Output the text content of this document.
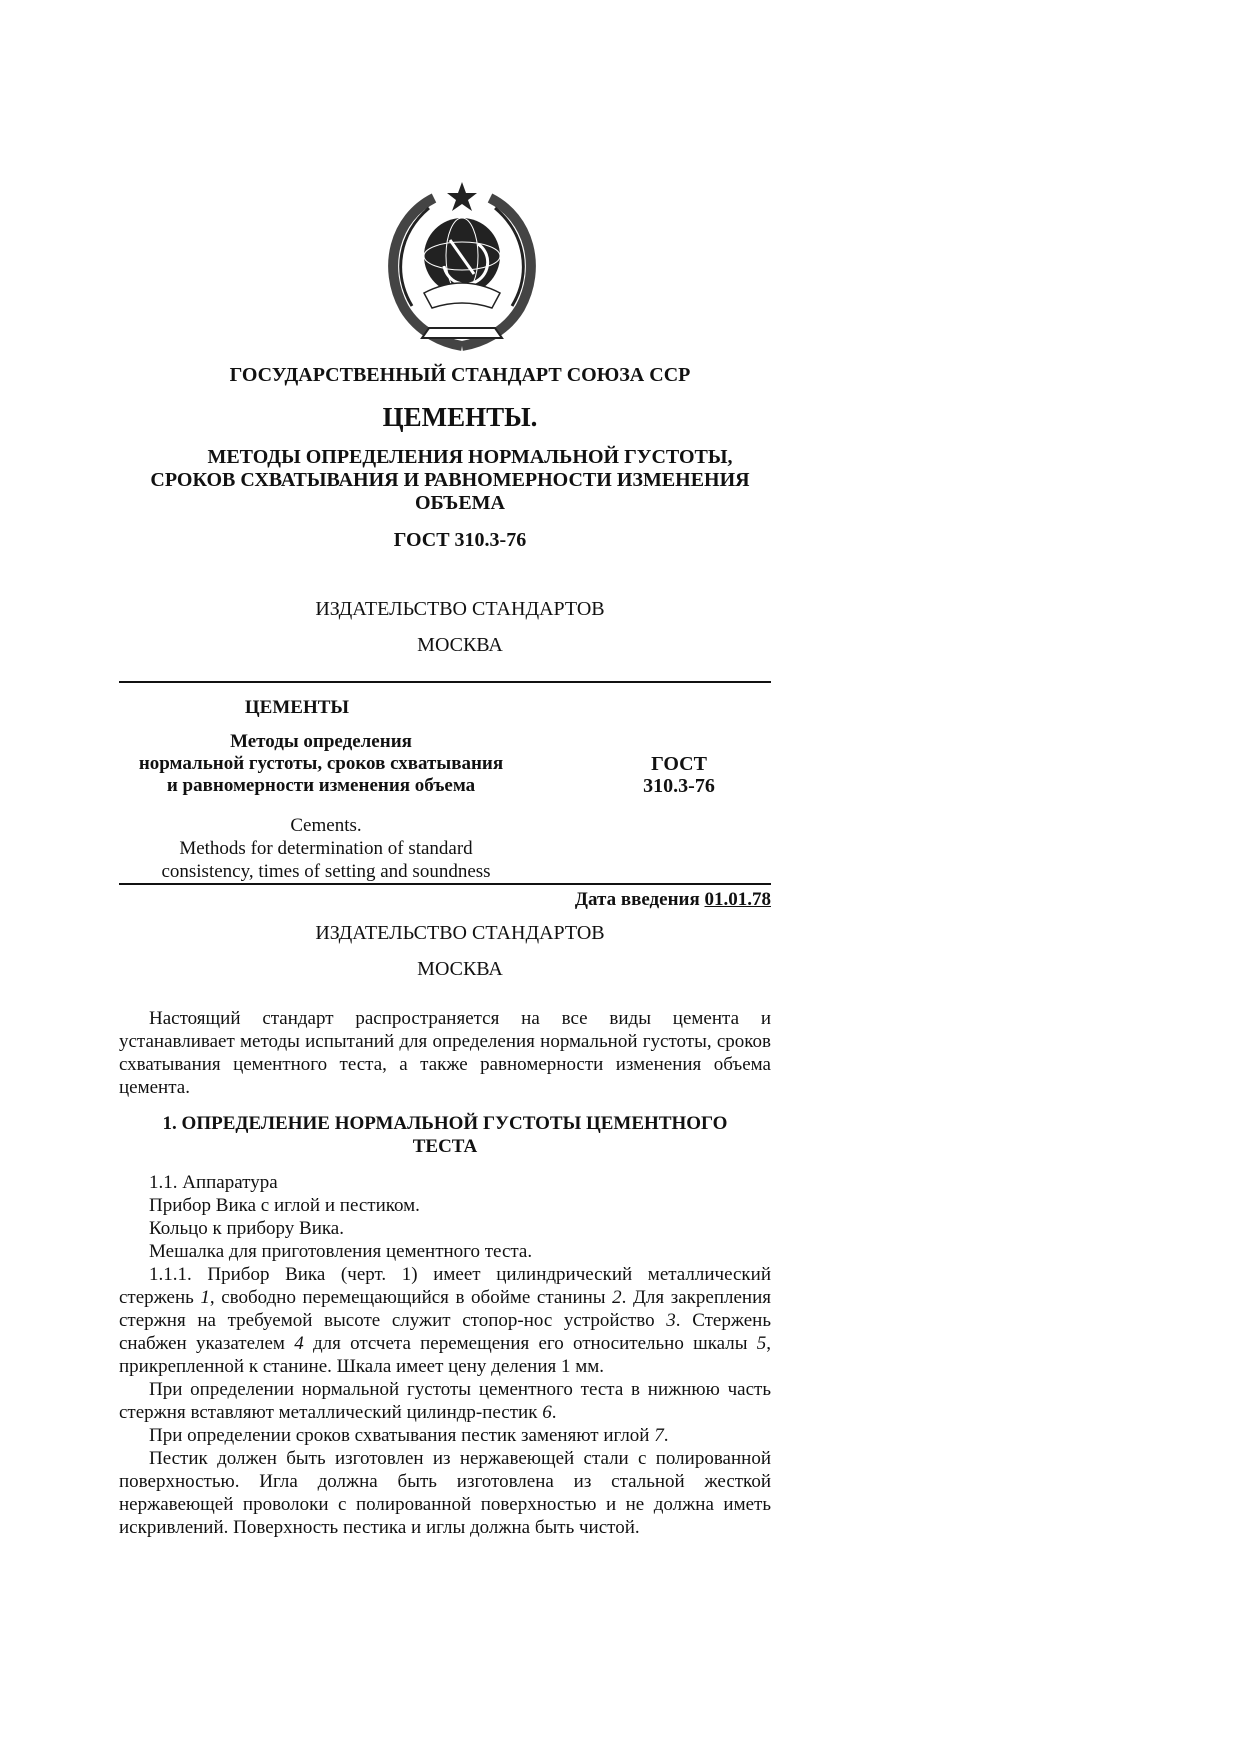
ГОСУДАРСТВЕННЫЙ СТАНДАРТ СОЮЗА ССР
ЦЕМЕНТЫ.
МЕТОДЫ ОПРЕДЕЛЕНИЯ НОРМАЛЬНОЙ ГУСТОТЫ,
СРОКОВ СХВАТЫВАНИЯ И РАВНОМЕРНОСТИ ИЗМЕНЕНИЯ
ОБЪЕМА
ГОСТ 310.3-76
ИЗДАТЕЛЬСТВО СТАНДАРТОВ
МОСКВА
ЦЕМЕНТЫ
Методы определения
нормальной густоты, сроков схватывания
и равномерности изменения объема
ГОСТ
310.3-76
Cements.
Methods for determination of standard
consistency, times of setting and soundness
Дата введения 01.01.78
ИЗДАТЕЛЬСТВО СТАНДАРТОВ
МОСКВА

Настоящий стандарт распространяется на все виды цемента и устанавливает методы испытаний для определения нормальной густоты, сроков схватывания цементного теста, а также равномерности изменения объема цемента.

1. ОПРЕДЕЛЕНИЕ НОРМАЛЬНОЙ ГУСТОТЫ ЦЕМЕНТНОГО
ТЕСТА

1.1. Аппаратура

Прибор Вика с иглой и пестиком.

Кольцо к прибору Вика.

Мешалка для приготовления цементного теста.

1.1.1. Прибор Вика (черт. 1) имеет цилиндрический металлический стержень 1, свободно перемещающийся в обойме станины 2. Для закрепления стержня на требуемой высоте служит стопор-нос устройство 3. Стержень снабжен указателем 4 для отсчета перемещения его относительно шкалы 5, прикрепленной к станине. Шкала имеет цену деления 1 мм.

При определении нормальной густоты цементного теста в нижнюю часть стержня вставляют металлический цилиндр-пестик 6.

При определении сроков схватывания пестик заменяют иглой 7.

Пестик должен быть изготовлен из нержавеющей стали с полированной поверхностью. Игла должна быть изготовлена из стальной жесткой нержавеющей проволоки с полированной поверхностью и не должна иметь искривлений. Поверхность пестика и иглы должна быть чистой.
